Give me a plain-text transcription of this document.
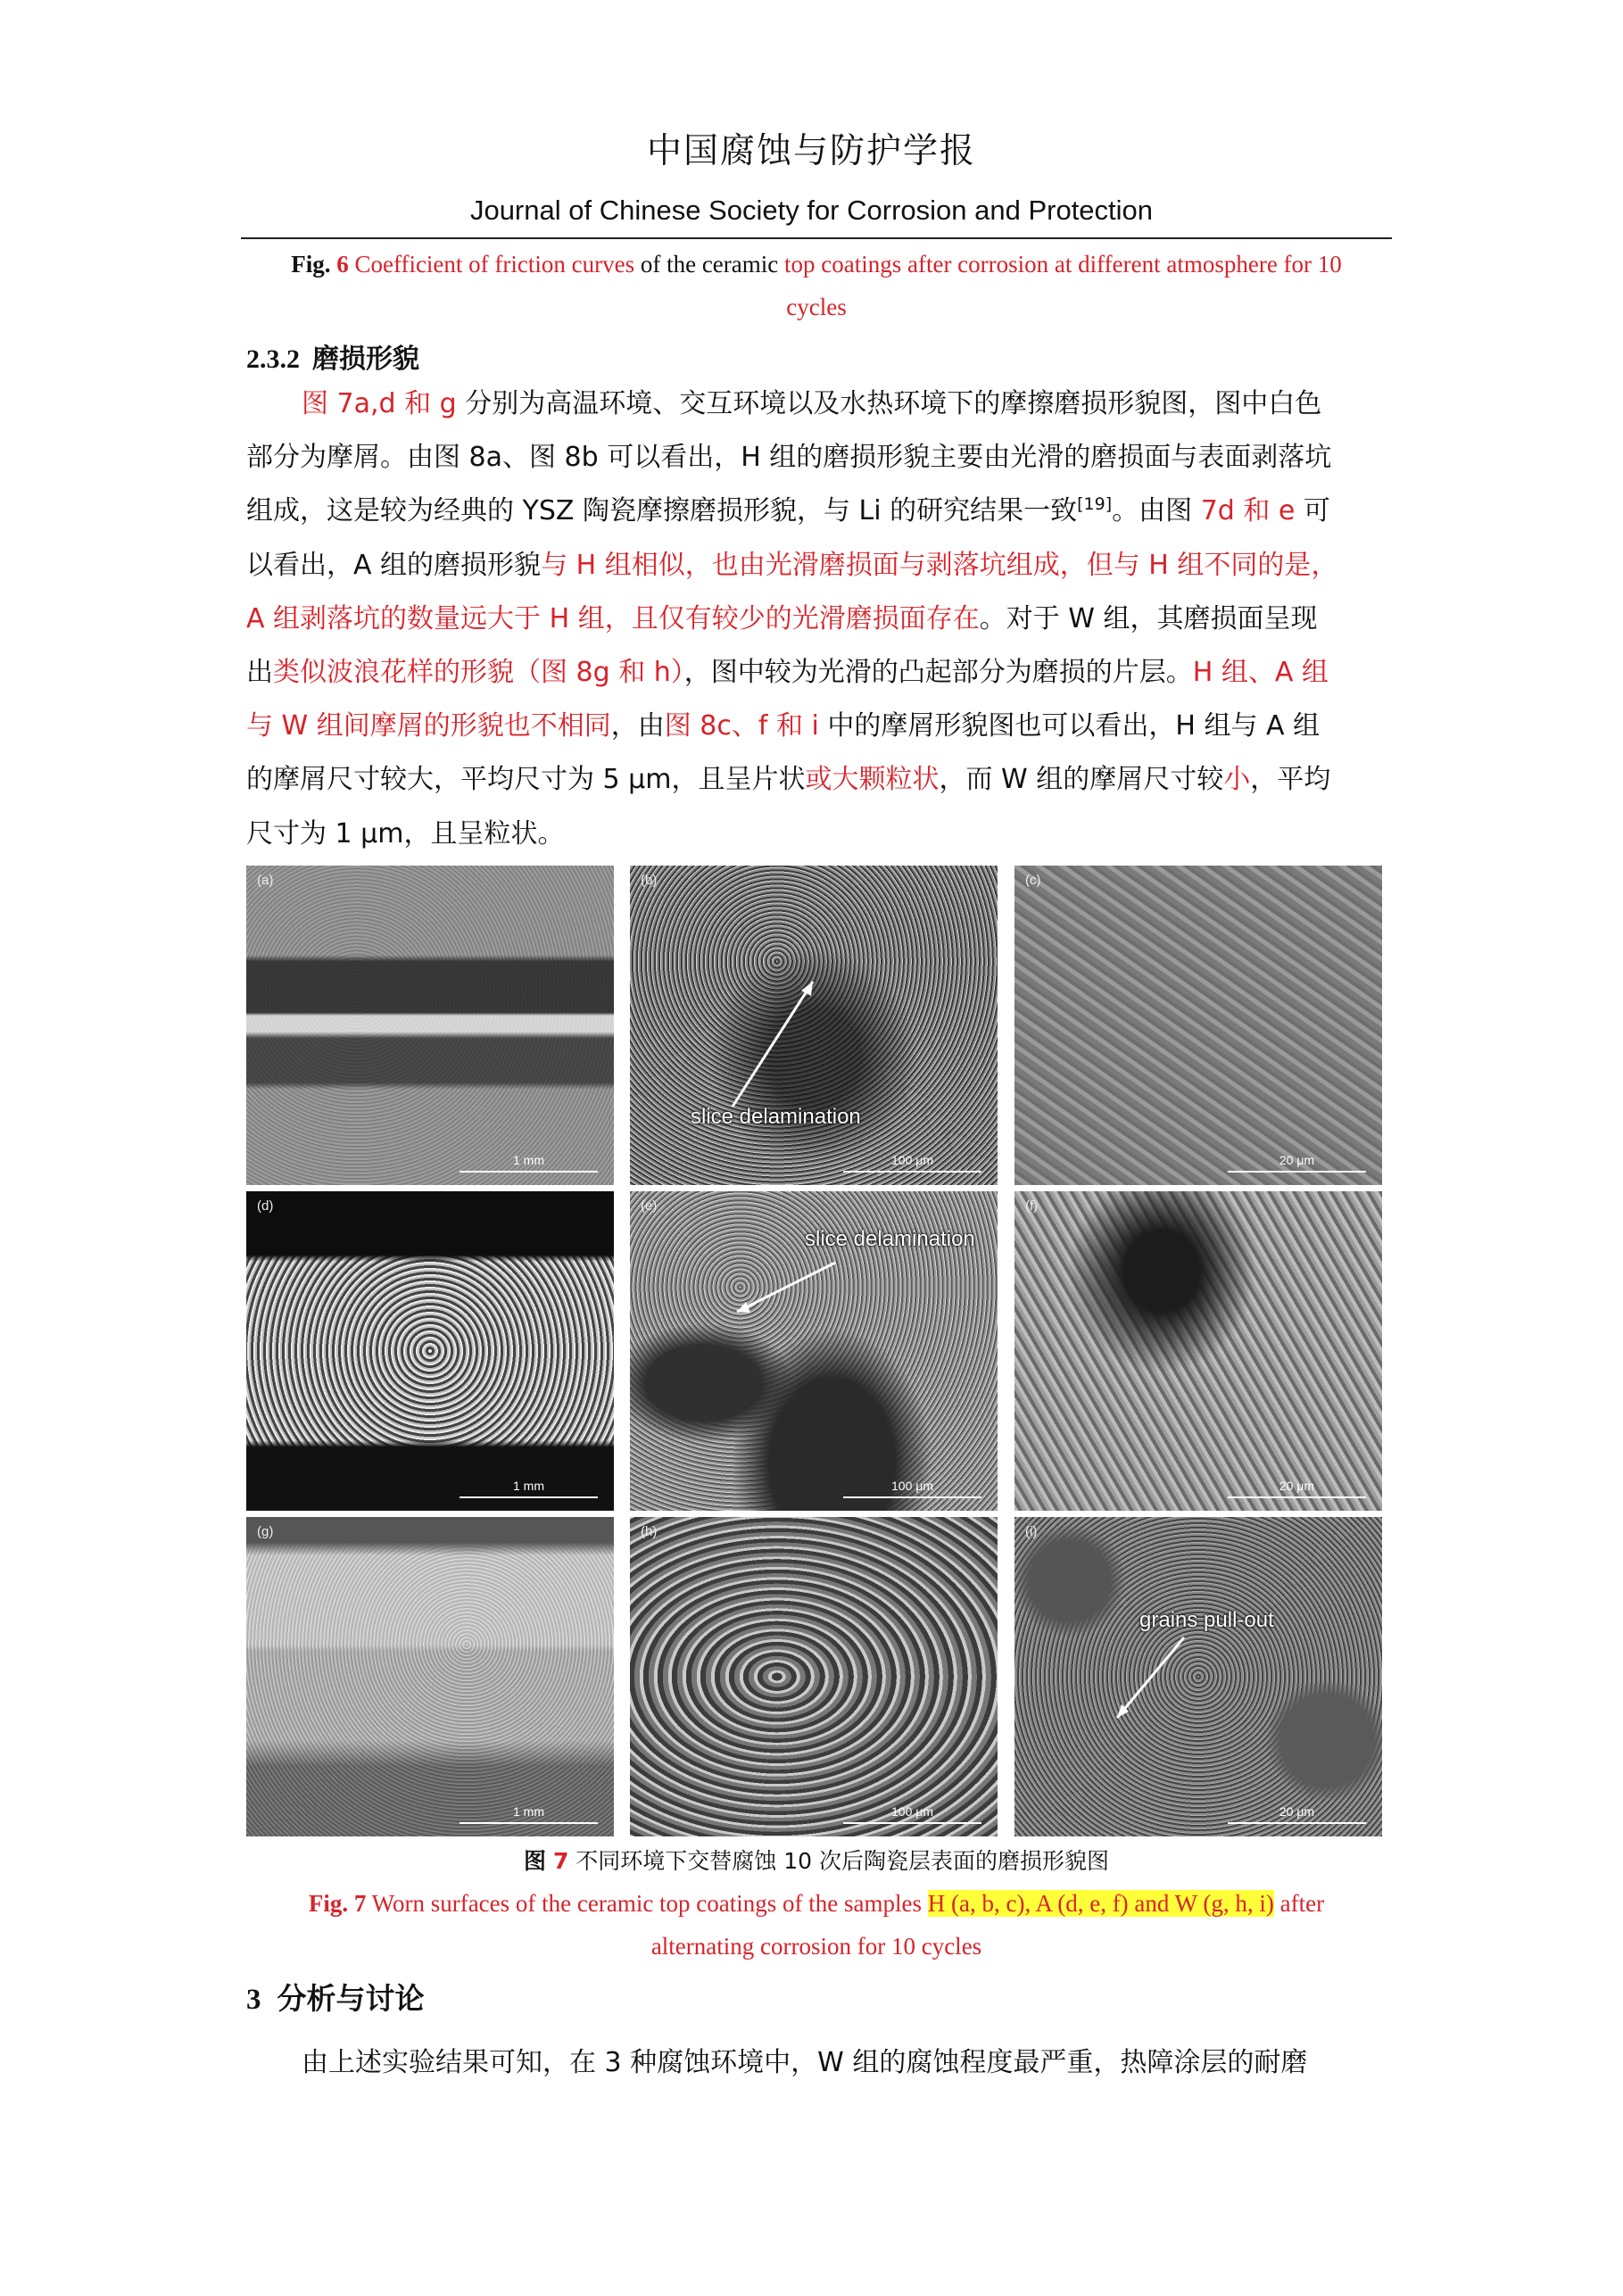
中国腐蚀与防护学报
Journal of Chinese Society for Corrosion and Protection
Fig. 6 Coefficient of friction curves of the ceramic top coatings after corrosion at different atmosphere for 10
cycles
2.3.2 磨损形貌
图 7a,d 和 g 分别为高温环境、交互环境以及水热环境下的摩擦磨损形貌图，图中白色
部分为摩屑。由图 8a、图 8b 可以看出，H 组的磨损形貌主要由光滑的磨损面与表面剥落坑
组成，这是较为经典的 YSZ 陶瓷摩擦磨损形貌，与 Li 的研究结果一致[19]。由图 7d 和 e 可
以看出，A 组的磨损形貌与 H 组相似，也由光滑磨损面与剥落坑组成，但与 H 组不同的是，
A 组剥落坑的数量远大于 H 组，且仅有较少的光滑磨损面存在。对于 W 组，其磨损面呈现
出类似波浪花样的形貌（图 8g 和 h），图中较为光滑的凸起部分为磨损的片层。H 组、A 组
与 W 组间摩屑的形貌也不相同，由图 8c、f 和 i 中的摩屑形貌图也可以看出，H 组与 A 组
的摩屑尺寸较大，平均尺寸为 5 μm，且呈片状或大颗粒状，而 W 组的摩屑尺寸较小，平均
尺寸为 1 μm，且呈粒状。
(a)
1 mm
(b)
slice delamination
100 μm
(c)
20 μm
(d)
1 mm
(e)
slice delamination
100 μm
(f)
20 μm
(g)
1 mm
(h)
100 μm
(i)
grains pull-out
20 μm
图 7 不同环境下交替腐蚀 10 次后陶瓷层表面的磨损形貌图
Fig. 7 Worn surfaces of the ceramic top coatings of the samples H (a, b, c), A (d, e, f) and W (g, h, i) after
alternating corrosion for 10 cycles
3 分析与讨论
由上述实验结果可知，在 3 种腐蚀环境中，W 组的腐蚀程度最严重，热障涂层的耐磨
